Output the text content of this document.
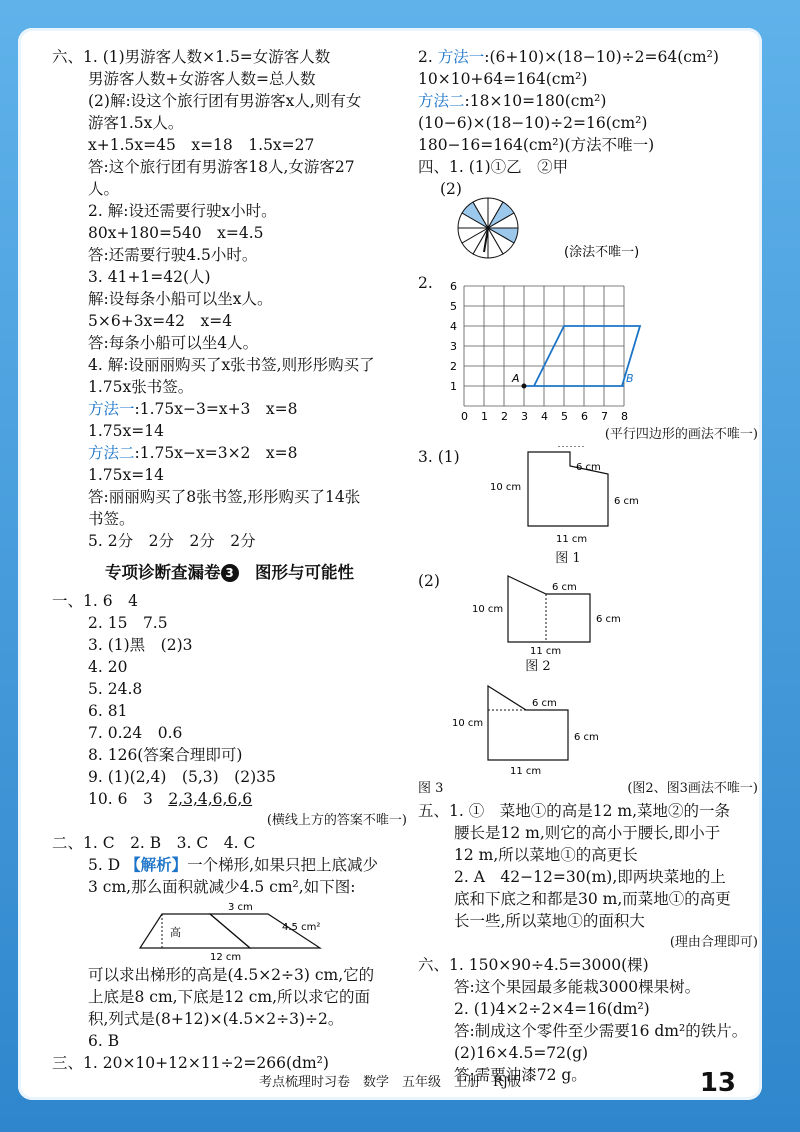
六、1. (1)男游客人数×1.5=女游客人数
男游客人数+女游客人数=总人数
(2)解:设这个旅行团有男游客x人,则有女
游客1.5x人。
x+1.5x=45　x=18　1.5x=27
答:这个旅行团有男游客18人,女游客27
人。
2. 解:设还需要行驶x小时。
80x+180=540　x=4.5
答:还需要行驶4.5小时。
3. 41+1=42(人)
解:设每条小船可以坐x人。
5×6+3x=42　x=4
答:每条小船可以坐4人。
4. 解:设丽丽购买了x张书签,则形彤购买了
1.75x张书签。
方法一:1.75x−3=x+3　x=8
1.75x=14
方法二:1.75x−x=3×2　x=8
1.75x=14
答:丽丽购买了8张书签,形彤购买了14张
书签。
5. 2分　2分　2分　2分
专项诊断查漏卷 3　 图形与可能性
一、1. 6　4
2. 15　7.5
3. (1)黑　(2)3
4. 20
5. 24.8
6. 81
7. 0.24　0.6
8. 126(答案合理即可)
9. (1)(2,4)　(5,3)　(2)35
10. 6　3　2,3,4,6,6,6
(横线上方的答案不唯一)
二、1. C　2. B　3. C　4. C
5. D 【解析】一个梯形,如果只把上底减少
3 cm,那么面积就减少4.5 cm²,如下图:
3 cm
4.5 cm²
高
12 cm
可以求出梯形的高是(4.5×2÷3) cm,它的
上底是8 cm,下底是12 cm,所以求它的面
积,列式是(8+12)×(4.5×2÷3)÷2。
6. B
三、1. 20×10+12×11÷2=266(dm²)
2. 方法一:(6+10)×(18−10)÷2=64(cm²)
10×10+64=164(cm²)
方法二:18×10=180(cm²)
(10−6)×(18−10)÷2=16(cm²)
180−16=164(cm²)(方法不唯一)
四、1. (1)①乙　②甲
(2)
(涂法不唯一)
2.
0 1 2 3 4 5 6 7 8
6
5
4
3
2
1
A	B
(平行四边形的画法不唯一)
3. (1)
10 cm
6 cm
6 cm
11 cm
图 1
(2)
10 cm
6 cm
6 cm
11 cm
图 2
10 cm
6 cm
6 cm
11 cm
图 3	(图2、图3画法不唯一)
五、1. ①　菜地①的高是12 m,菜地②的一条
腰长是12 m,则它的高小于腰长,即小于
12 m,所以菜地①的高更长
2. A　42−12=30(m),即两块菜地的上
底和下底之和都是30 m,而菜地①的高更
长一些,所以菜地①的面积大
(理由合理即可)
六、1. 150×90÷4.5=3000(棵)
答:这个果园最多能栽3000棵果树。
2. (1)4×2÷2×4=16(dm²)
答:制成这个零件至少需要16 dm²的铁片。
(2)16×4.5=72(g)
答:需要油漆72 g。
考点梳理时习卷　数学　五年级　上册　RJ版	13
